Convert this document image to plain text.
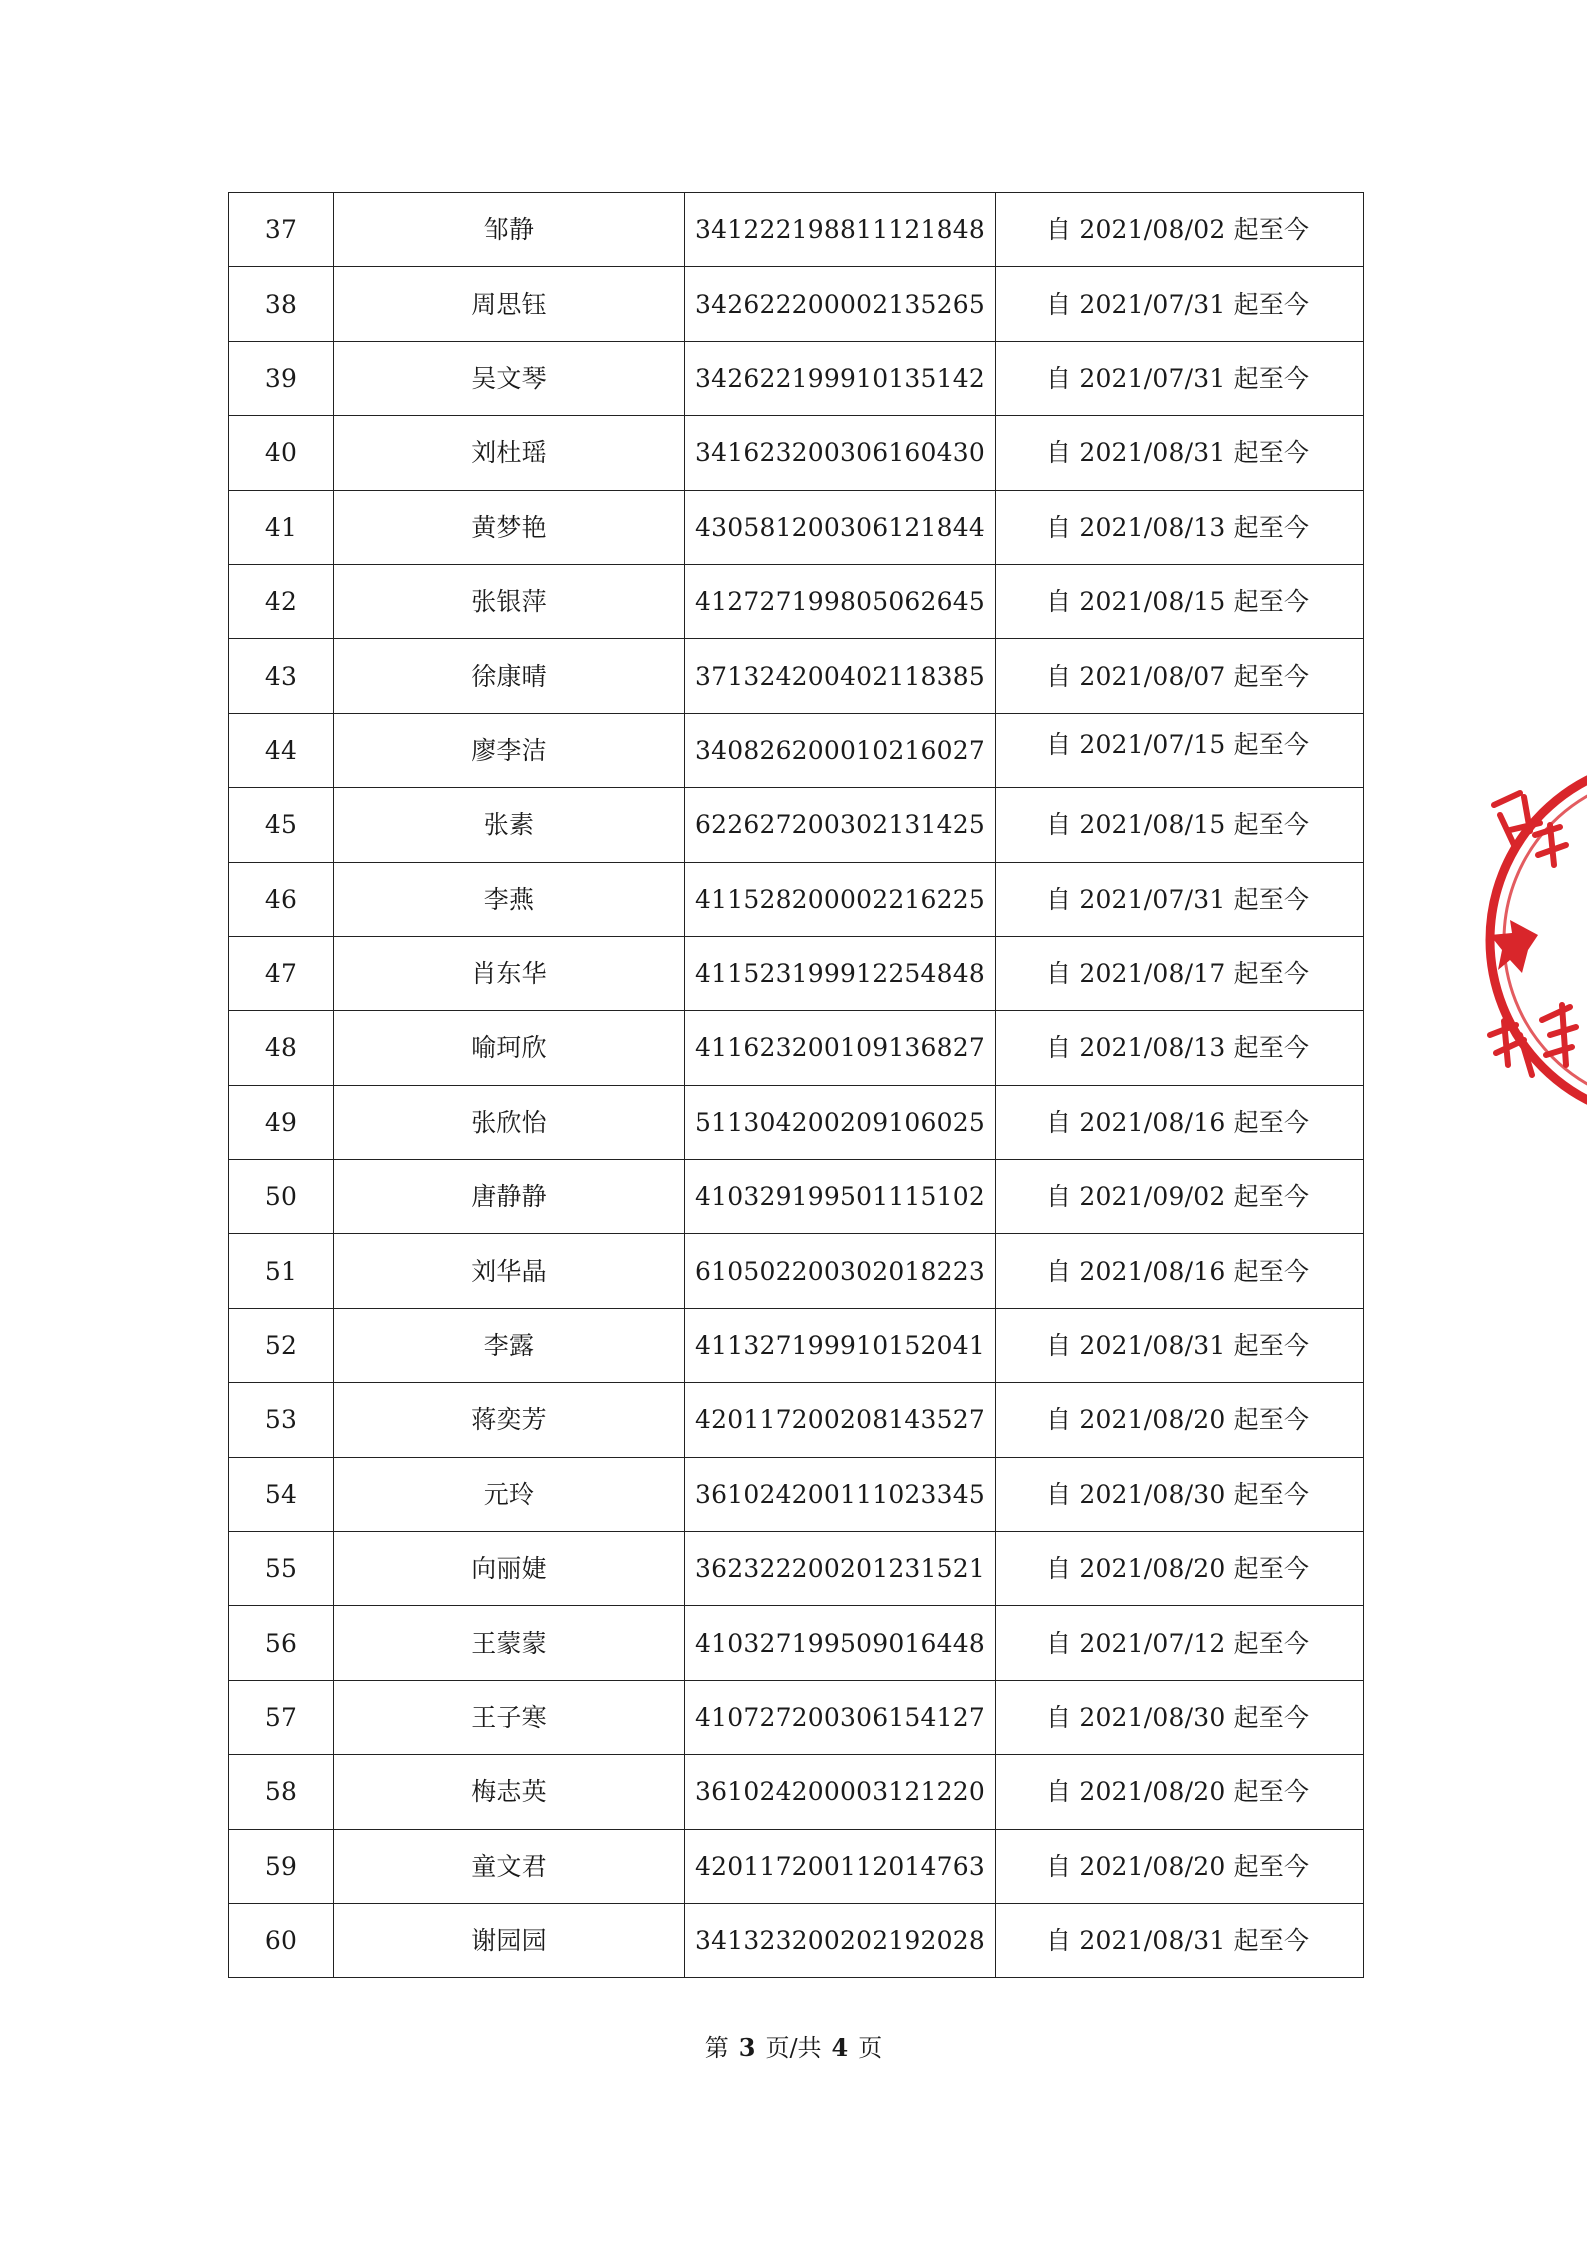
37	邹静	341222198811121848	自 2021/08/02 起至今
38	周思钰	342622200002135265	自 2021/07/31 起至今
39	吴文琴	342622199910135142	自 2021/07/31 起至今
40	刘杜瑶	341623200306160430	自 2021/08/31 起至今
41	黄梦艳	430581200306121844	自 2021/08/13 起至今
42	张银萍	412727199805062645	自 2021/08/15 起至今
43	徐康晴	371324200402118385	自 2021/08/07 起至今
44	廖李洁	340826200010216027	自 2021/07/15 起至今
45	张素	622627200302131425	自 2021/08/15 起至今
46	李燕	411528200002216225	自 2021/07/31 起至今
47	肖东华	411523199912254848	自 2021/08/17 起至今
48	喻珂欣	411623200109136827	自 2021/08/13 起至今
49	张欣怡	511304200209106025	自 2021/08/16 起至今
50	唐静静	410329199501115102	自 2021/09/02 起至今
51	刘华晶	610502200302018223	自 2021/08/16 起至今
52	李露	411327199910152041	自 2021/08/31 起至今
53	蒋奕芳	420117200208143527	自 2021/08/20 起至今
54	元玲	361024200111023345	自 2021/08/30 起至今
55	向丽婕	362322200201231521	自 2021/08/20 起至今
56	王蒙蒙	410327199509016448	自 2021/07/12 起至今
57	王子寒	410727200306154127	自 2021/08/30 起至今
58	梅志英	361024200003121220	自 2021/08/20 起至今
59	童文君	420117200112014763	自 2021/08/20 起至今
60	谢园园	341323200202192028	自 2021/08/31 起至今
第 3 页/共 4 页
